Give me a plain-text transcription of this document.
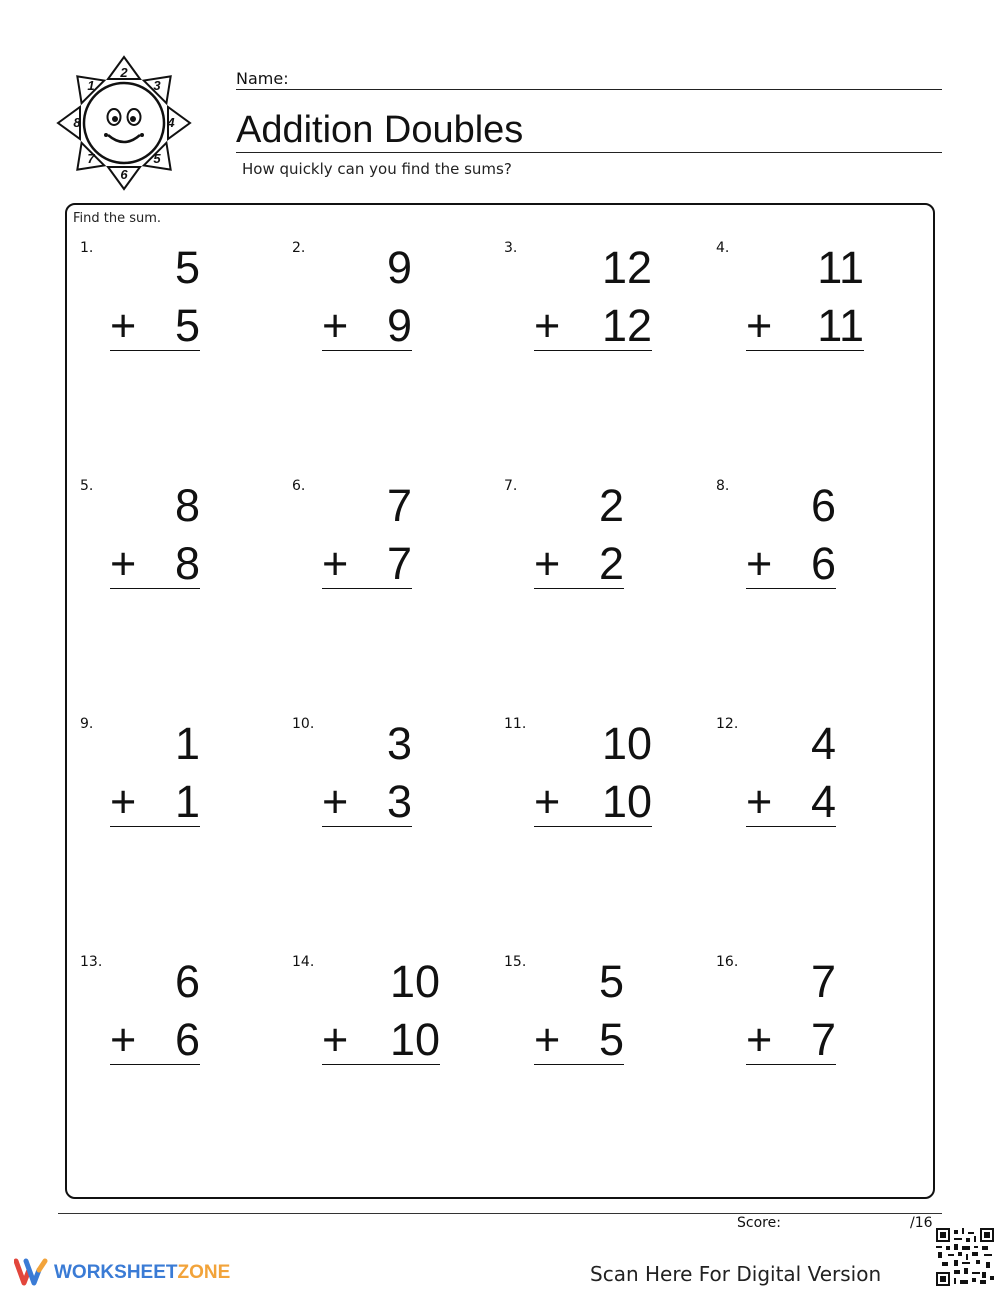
2
3
4
5
6
7
8
1	Name:
Addition Doubles
How quickly can you find the sums?
Find the sum.
1. 5
+ 5
2. 9
+ 9
3. 12
+ 12
4. 11
+ 11
5. 8
+ 8
6. 7
+ 7
7. 2
+ 2
8. 6
+ 6
9. 1
+ 1
10. 3
+ 3
11. 10
+ 10
12. 4
+ 4
13. 6
+ 6
14. 10
+ 10
15. 5
+ 5
16. 7
+ 7
Score:	/16
WORKSHEETZONE	Scan Here For Digital Version
